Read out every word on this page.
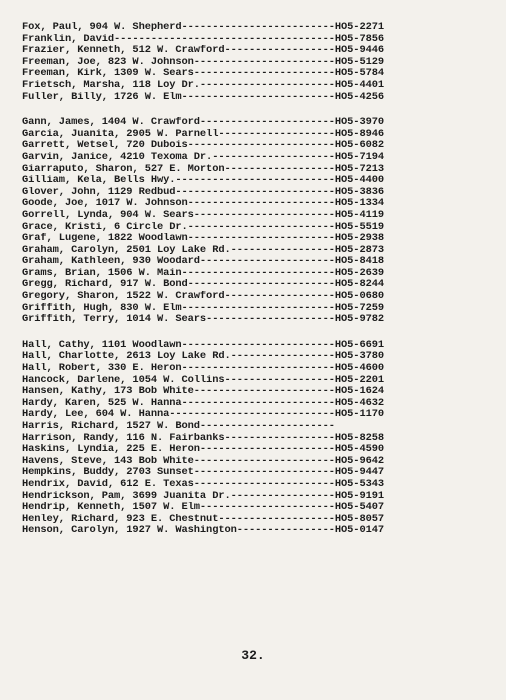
Fox, Paul, 904 W. Shepherd-------------------------HO5-2271
Franklin, David------------------------------------HO5-7856
Frazier, Kenneth, 512 W. Crawford------------------HO5-9446
Freeman, Joe, 823 W. Johnson-----------------------HO5-5129
Freeman, Kirk, 1309 W. Sears-----------------------HO5-5784
Frietsch, Marsha, 118 Loy Dr.----------------------HO5-4401
Fuller, Billy, 1726 W. Elm-------------------------HO5-4256
Gann, James, 1404 W. Crawford----------------------HO5-3970
Garcia, Juanita, 2905 W. Parnell-------------------HO5-8946
Garrett, Wetsel, 720 Dubois------------------------HO5-6082
Garvin, Janice, 4210 Texoma Dr.--------------------HO5-7194
Giarraputo, Sharon, 527 E. Morton------------------HO5-7213
Gilliam, Kela, Bells Hwy.--------------------------HO5-4400
Glover, John, 1129 Redbud--------------------------HO5-3836
Goode, Joe, 1017 W. Johnson------------------------HO5-1334
Gorrell, Lynda, 904 W. Sears-----------------------HO5-4119
Grace, Kristi, 6 Circle Dr.------------------------HO5-5519
Graf, Lugene, 1822 Woodlawn------------------------HO5-2938
Graham, Carolyn, 2501 Loy Lake Rd.-----------------HO5-2873
Graham, Kathleen, 930 Woodard----------------------HO5-8418
Grams, Brian, 1506 W. Main-------------------------HO5-2639
Gregg, Richard, 917 W. Bond------------------------HO5-8244
Gregory, Sharon, 1522 W. Crawford------------------HO5-0680
Griffith, Hugh, 830 W. Elm-------------------------HO5-7259
Griffith, Terry, 1014 W. Sears---------------------HO5-9782
Hall, Cathy, 1101 Woodlawn-------------------------HO5-6691
Hall, Charlotte, 2613 Loy Lake Rd.-----------------HO5-3780
Hall, Robert, 330 E. Heron-------------------------HO5-4600
Hancock, Darlene, 1054 W. Collins------------------HO5-2201
Hansen, Kathy, 173 Bob White-----------------------HO5-1624
Hardy, Karen, 525 W. Hanna-------------------------HO5-4632
Hardy, Lee, 604 W. Hanna---------------------------HO5-1170
Harris, Richard, 1527 W. Bond----------------------
Harrison, Randy, 116 N. Fairbanks------------------HO5-8258
Haskins, Lyndia, 225 E. Heron----------------------HO5-4590
Havens, Steve, 143 Bob White-----------------------HO5-9642
Hempkins, Buddy, 2703 Sunset-----------------------HO5-9447
Hendrix, David, 612 E. Texas-----------------------HO5-5343
Hendrickson, Pam, 3699 Juanita Dr.-----------------HO5-9191
Hendrip, Kenneth, 1507 W. Elm----------------------HO5-5407
Henley, Richard, 923 E. Chestnut-------------------HO5-8057
Henson, Carolyn, 1927 W. Washington----------------HO5-0147
32.
